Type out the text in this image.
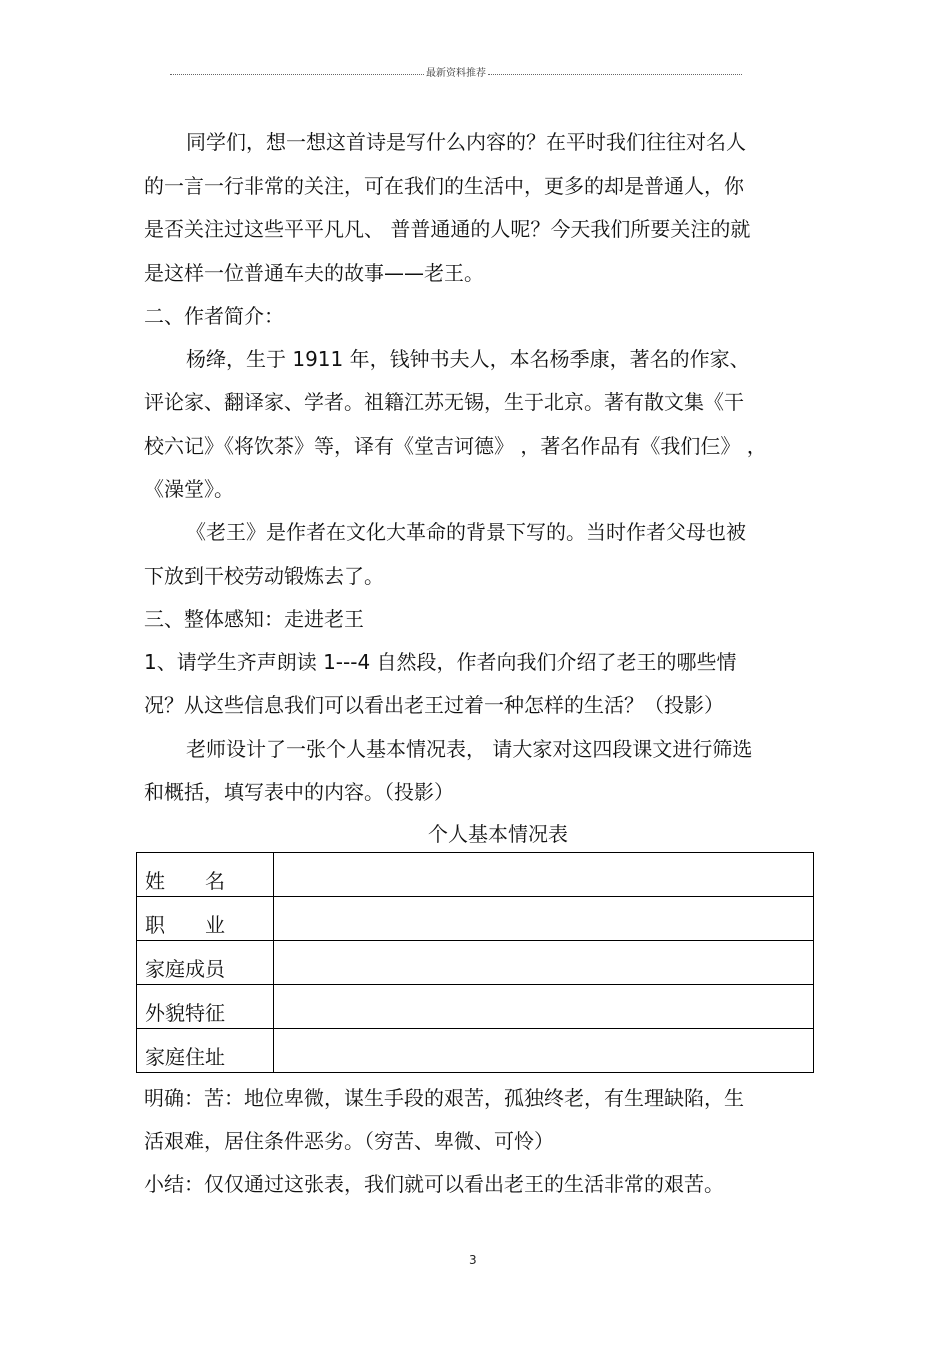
最新资料推荐
同学们，想一想这首诗是写什么内容的？在平时我们往往对名人
的一言一行非常的关注，可在我们的生活中，更多的却是普通人，你
是否关注过这些平平凡凡、 普普通通的人呢？今天我们所要关注的就
是这样一位普通车夫的故事——老王。
二、作者简介：
杨绛，生于 1911 年，钱钟书夫人，本名杨季康，著名的作家、
评论家、翻译家、学者。祖籍江苏无锡，生于北京。著有散文集《干
校六记》《将饮茶》等，译有《堂吉诃德》 ，著名作品有《我们仨》 ，
《澡堂》。
《老王》是作者在文化大革命的背景下写的。当时作者父母也被
下放到干校劳动锻炼去了。
三、整体感知：走进老王
1、请学生齐声朗读 1---4 自然段，作者向我们介绍了老王的哪些情
况？从这些信息我们可以看出老王过着一种怎样的生活？（投影）
老师设计了一张个人基本情况表， 请大家对这四段课文进行筛选
和概括，填写表中的内容。（投影）
个人基本情况表
姓　　名	
职　　业	
家庭成员	
外貌特征	
家庭住址	
明确：苦：地位卑微，谋生手段的艰苦，孤独终老，有生理缺陷，生
活艰难，居住条件恶劣。（穷苦、卑微、可怜）
小结：仅仅通过这张表，我们就可以看出老王的生活非常的艰苦。
3
